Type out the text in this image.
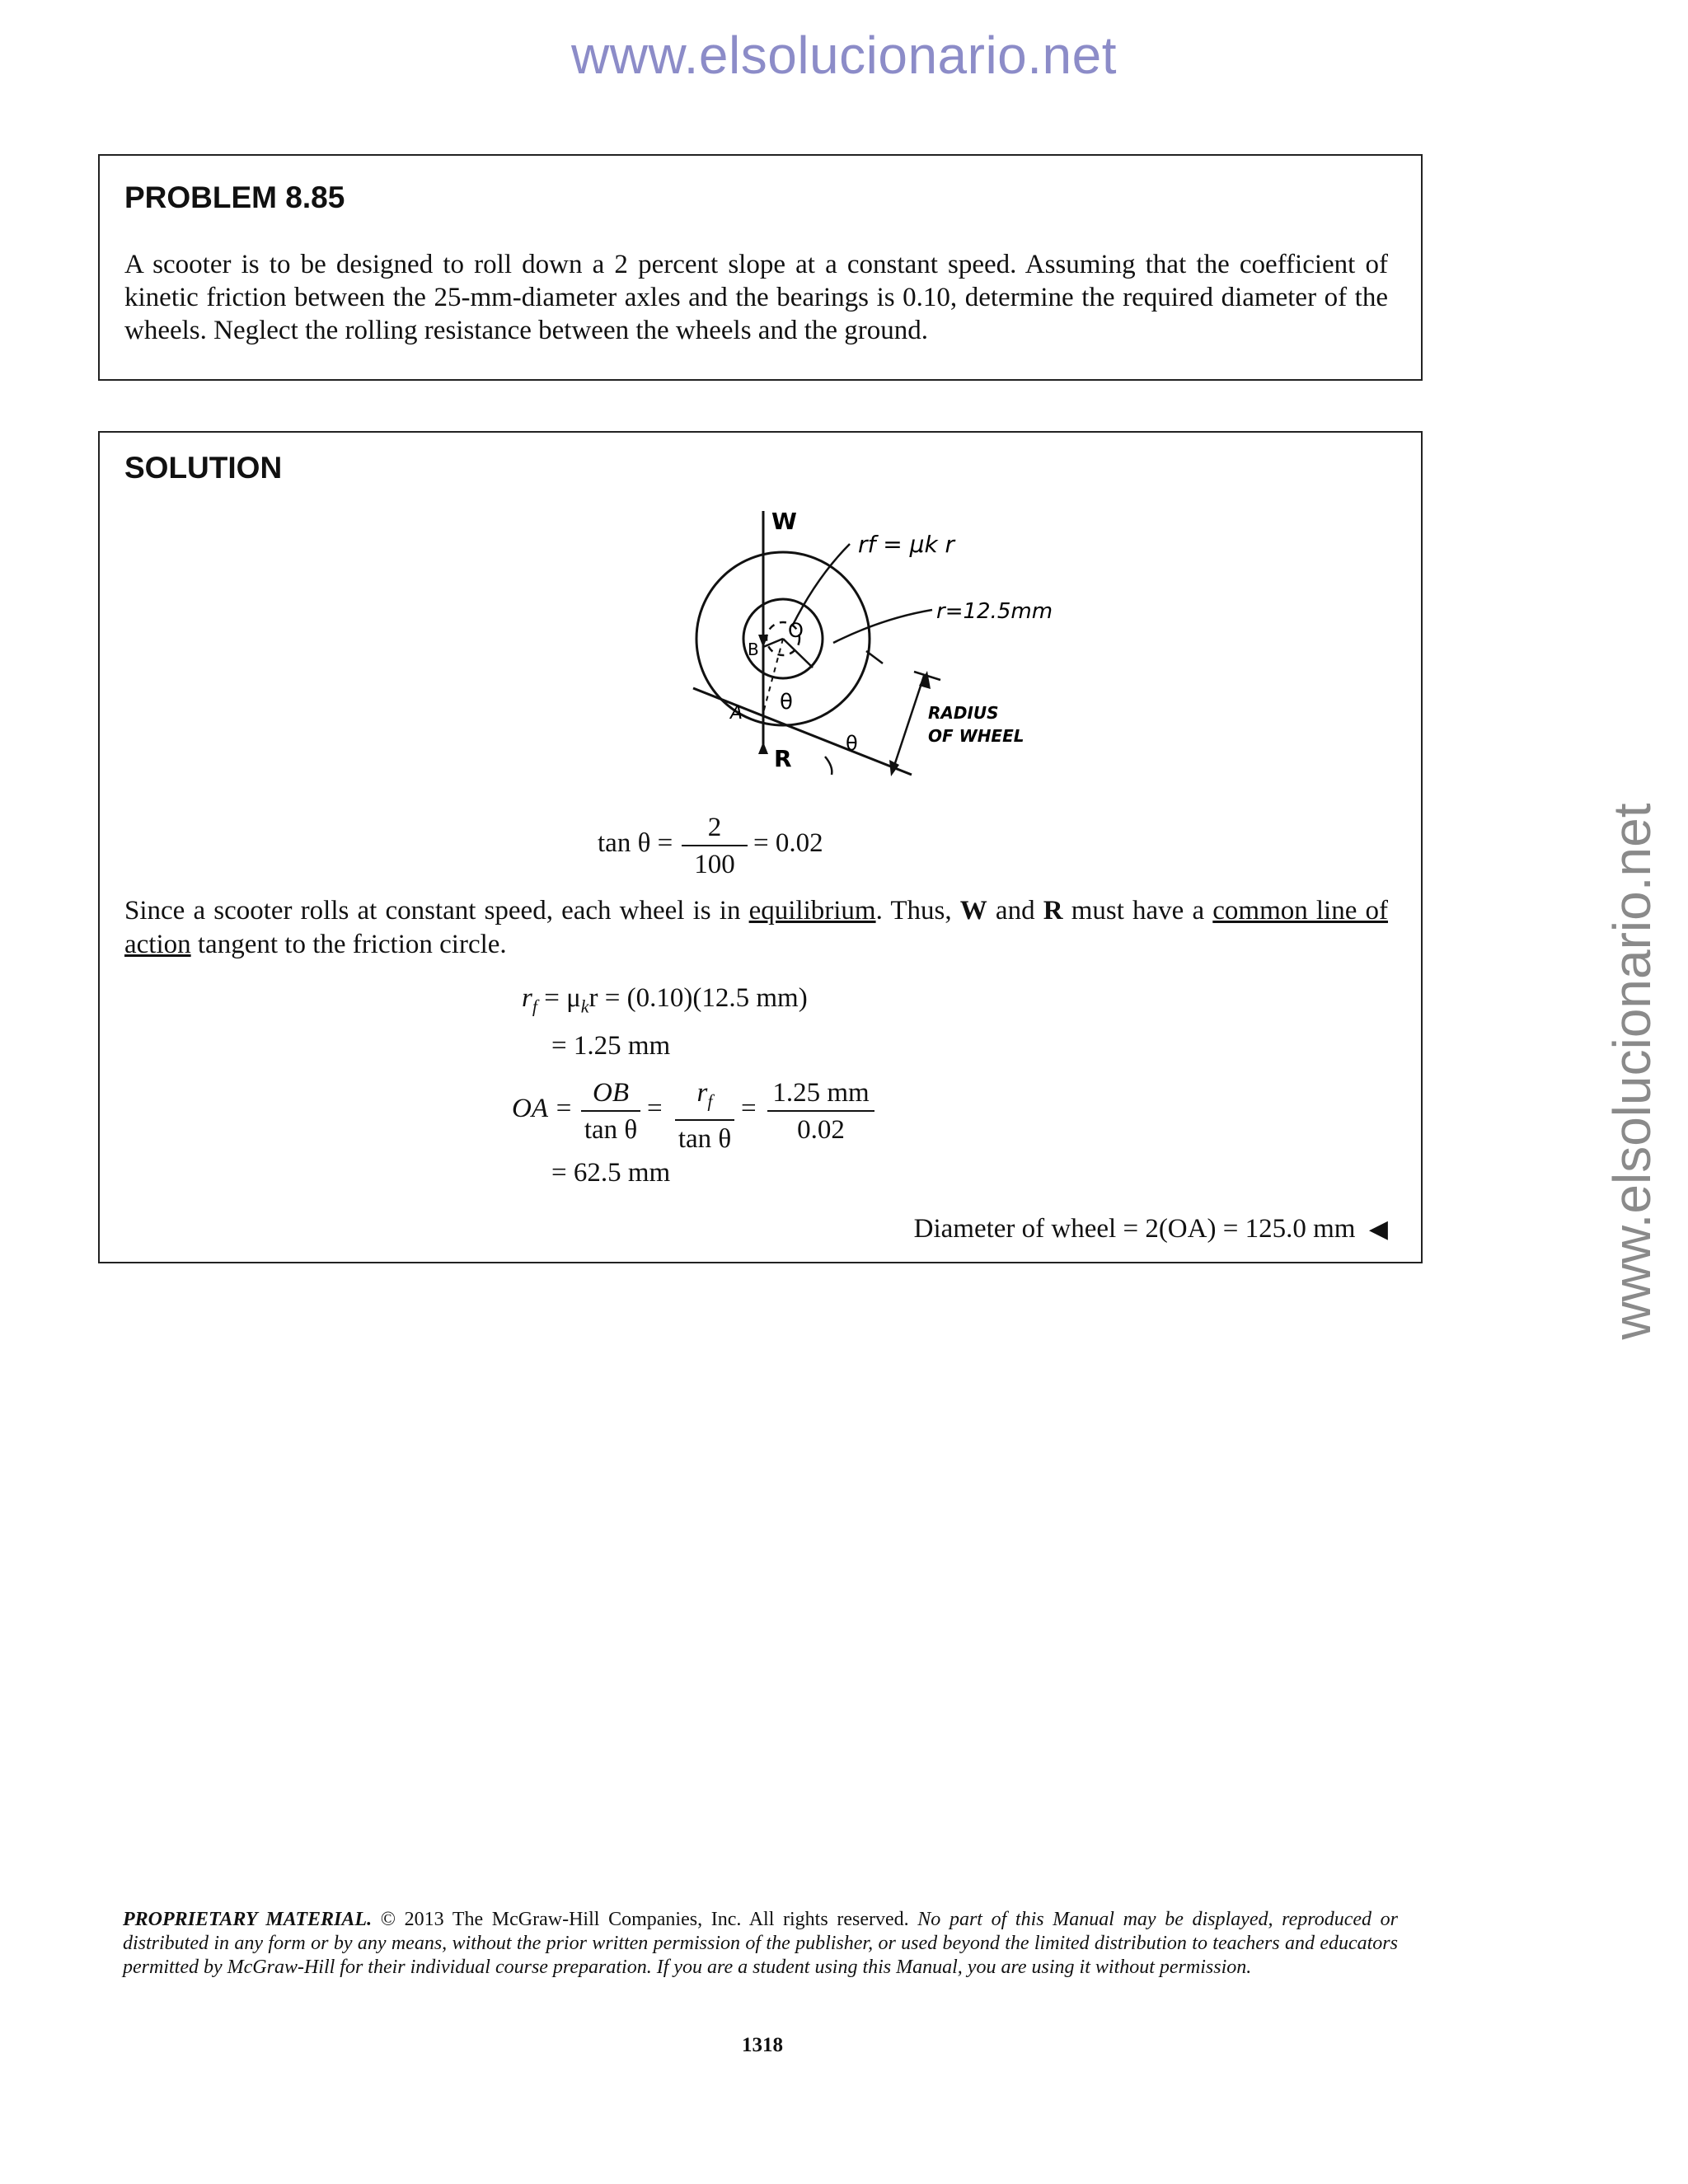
www.elsolucionario.net
www.elsolucionario.net
PROBLEM 8.85

A scooter is to be designed to roll down a 2 percent slope at a constant speed. Assuming that the coefficient of kinetic friction between the 25-mm-diameter axles and the bearings is 0.10, determine the required diameter of the wheels. Neglect the rolling resistance between the wheels and the ground.

SOLUTION
W
rf = μk r
r=12.5mm
O
B
θ
A
R
θ
RADIUS
OF WHEEL
$\tan \theta = \frac{2}{100} = 0.02$

Since a scooter rolls at constant speed, each wheel is in equilibrium. Thus, W and R must have a common line of action tangent to the friction circle.

$r_f = \mu_kr = (0.10)(12.5$ mm)
= 1.25 mm
OA = $\frac{OB}{\text{tan θ}} = \frac{r_f}{\text{tan θ}} = \frac{1.25 mm}{0.02}$
= 62.5 mm
Diameter of wheel = 2(OA) = 125.0 mm ◀

PROPRIETARY MATERIAL. © 2013 The McGraw-Hill Companies, Inc. All rights reserved. No part of this Manual may be displayed, reproduced or distributed in any form or by any means, without the prior written permission of the publisher, or used beyond the limited distribution to teachers and educators permitted by McGraw-Hill for their individual course preparation. If you are a student using this Manual, you are using it without permission.

1318
